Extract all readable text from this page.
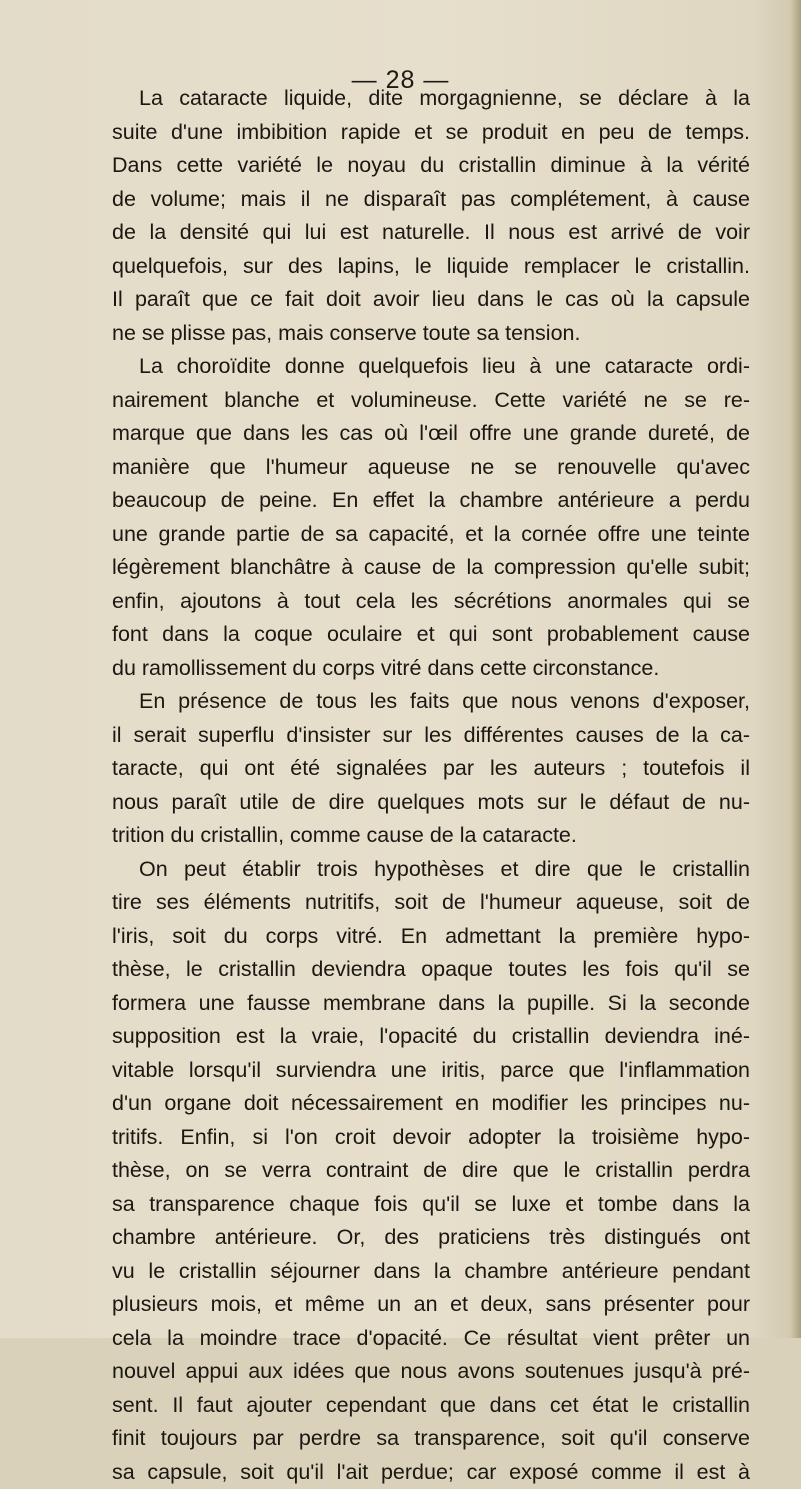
— 28 —
La cataracte liquide, dite morgagnienne, se déclare à la
suite d'une imbibition rapide et se produit en peu de temps.
Dans cette variété le noyau du cristallin diminue à la vérité
de volume; mais il ne disparaît pas complétement, à cause
de la densité qui lui est naturelle. Il nous est arrivé de voir
quelquefois, sur des lapins, le liquide remplacer le cristallin.
Il paraît que ce fait doit avoir lieu dans le cas où la capsule
ne se plisse pas, mais conserve toute sa tension.
La choroïdite donne quelquefois lieu à une cataracte ordi-
nairement blanche et volumineuse. Cette variété ne se re-
marque que dans les cas où l'œil offre une grande dureté, de
manière que l'humeur aqueuse ne se renouvelle qu'avec
beaucoup de peine. En effet la chambre antérieure a perdu
une grande partie de sa capacité, et la cornée offre une teinte
légèrement blanchâtre à cause de la compression qu'elle subit;
enfin, ajoutons à tout cela les sécrétions anormales qui se
font dans la coque oculaire et qui sont probablement cause
du ramollissement du corps vitré dans cette circonstance.
En présence de tous les faits que nous venons d'exposer,
il serait superflu d'insister sur les différentes causes de la ca-
taracte, qui ont été signalées par les auteurs ; toutefois il
nous paraît utile de dire quelques mots sur le défaut de nu-
trition du cristallin, comme cause de la cataracte.
On peut établir trois hypothèses et dire que le cristallin
tire ses éléments nutritifs, soit de l'humeur aqueuse, soit de
l'iris, soit du corps vitré. En admettant la première hypo-
thèse, le cristallin deviendra opaque toutes les fois qu'il se
formera une fausse membrane dans la pupille. Si la seconde
supposition est la vraie, l'opacité du cristallin deviendra iné-
vitable lorsqu'il surviendra une iritis, parce que l'inflammation
d'un organe doit nécessairement en modifier les principes nu-
tritifs. Enfin, si l'on croit devoir adopter la troisième hypo-
thèse, on se verra contraint de dire que le cristallin perdra
sa transparence chaque fois qu'il se luxe et tombe dans la
chambre antérieure. Or, des praticiens très distingués ont
vu le cristallin séjourner dans la chambre antérieure pendant
plusieurs mois, et même un an et deux, sans présenter pour
cela la moindre trace d'opacité. Ce résultat vient prêter un
nouvel appui aux idées que nous avons soutenues jusqu'à pré-
sent. Il faut ajouter cependant que dans cet état le cristallin
finit toujours par perdre sa transparence, soit qu'il conserve
sa capsule, soit qu'il l'ait perdue; car exposé comme il est à
